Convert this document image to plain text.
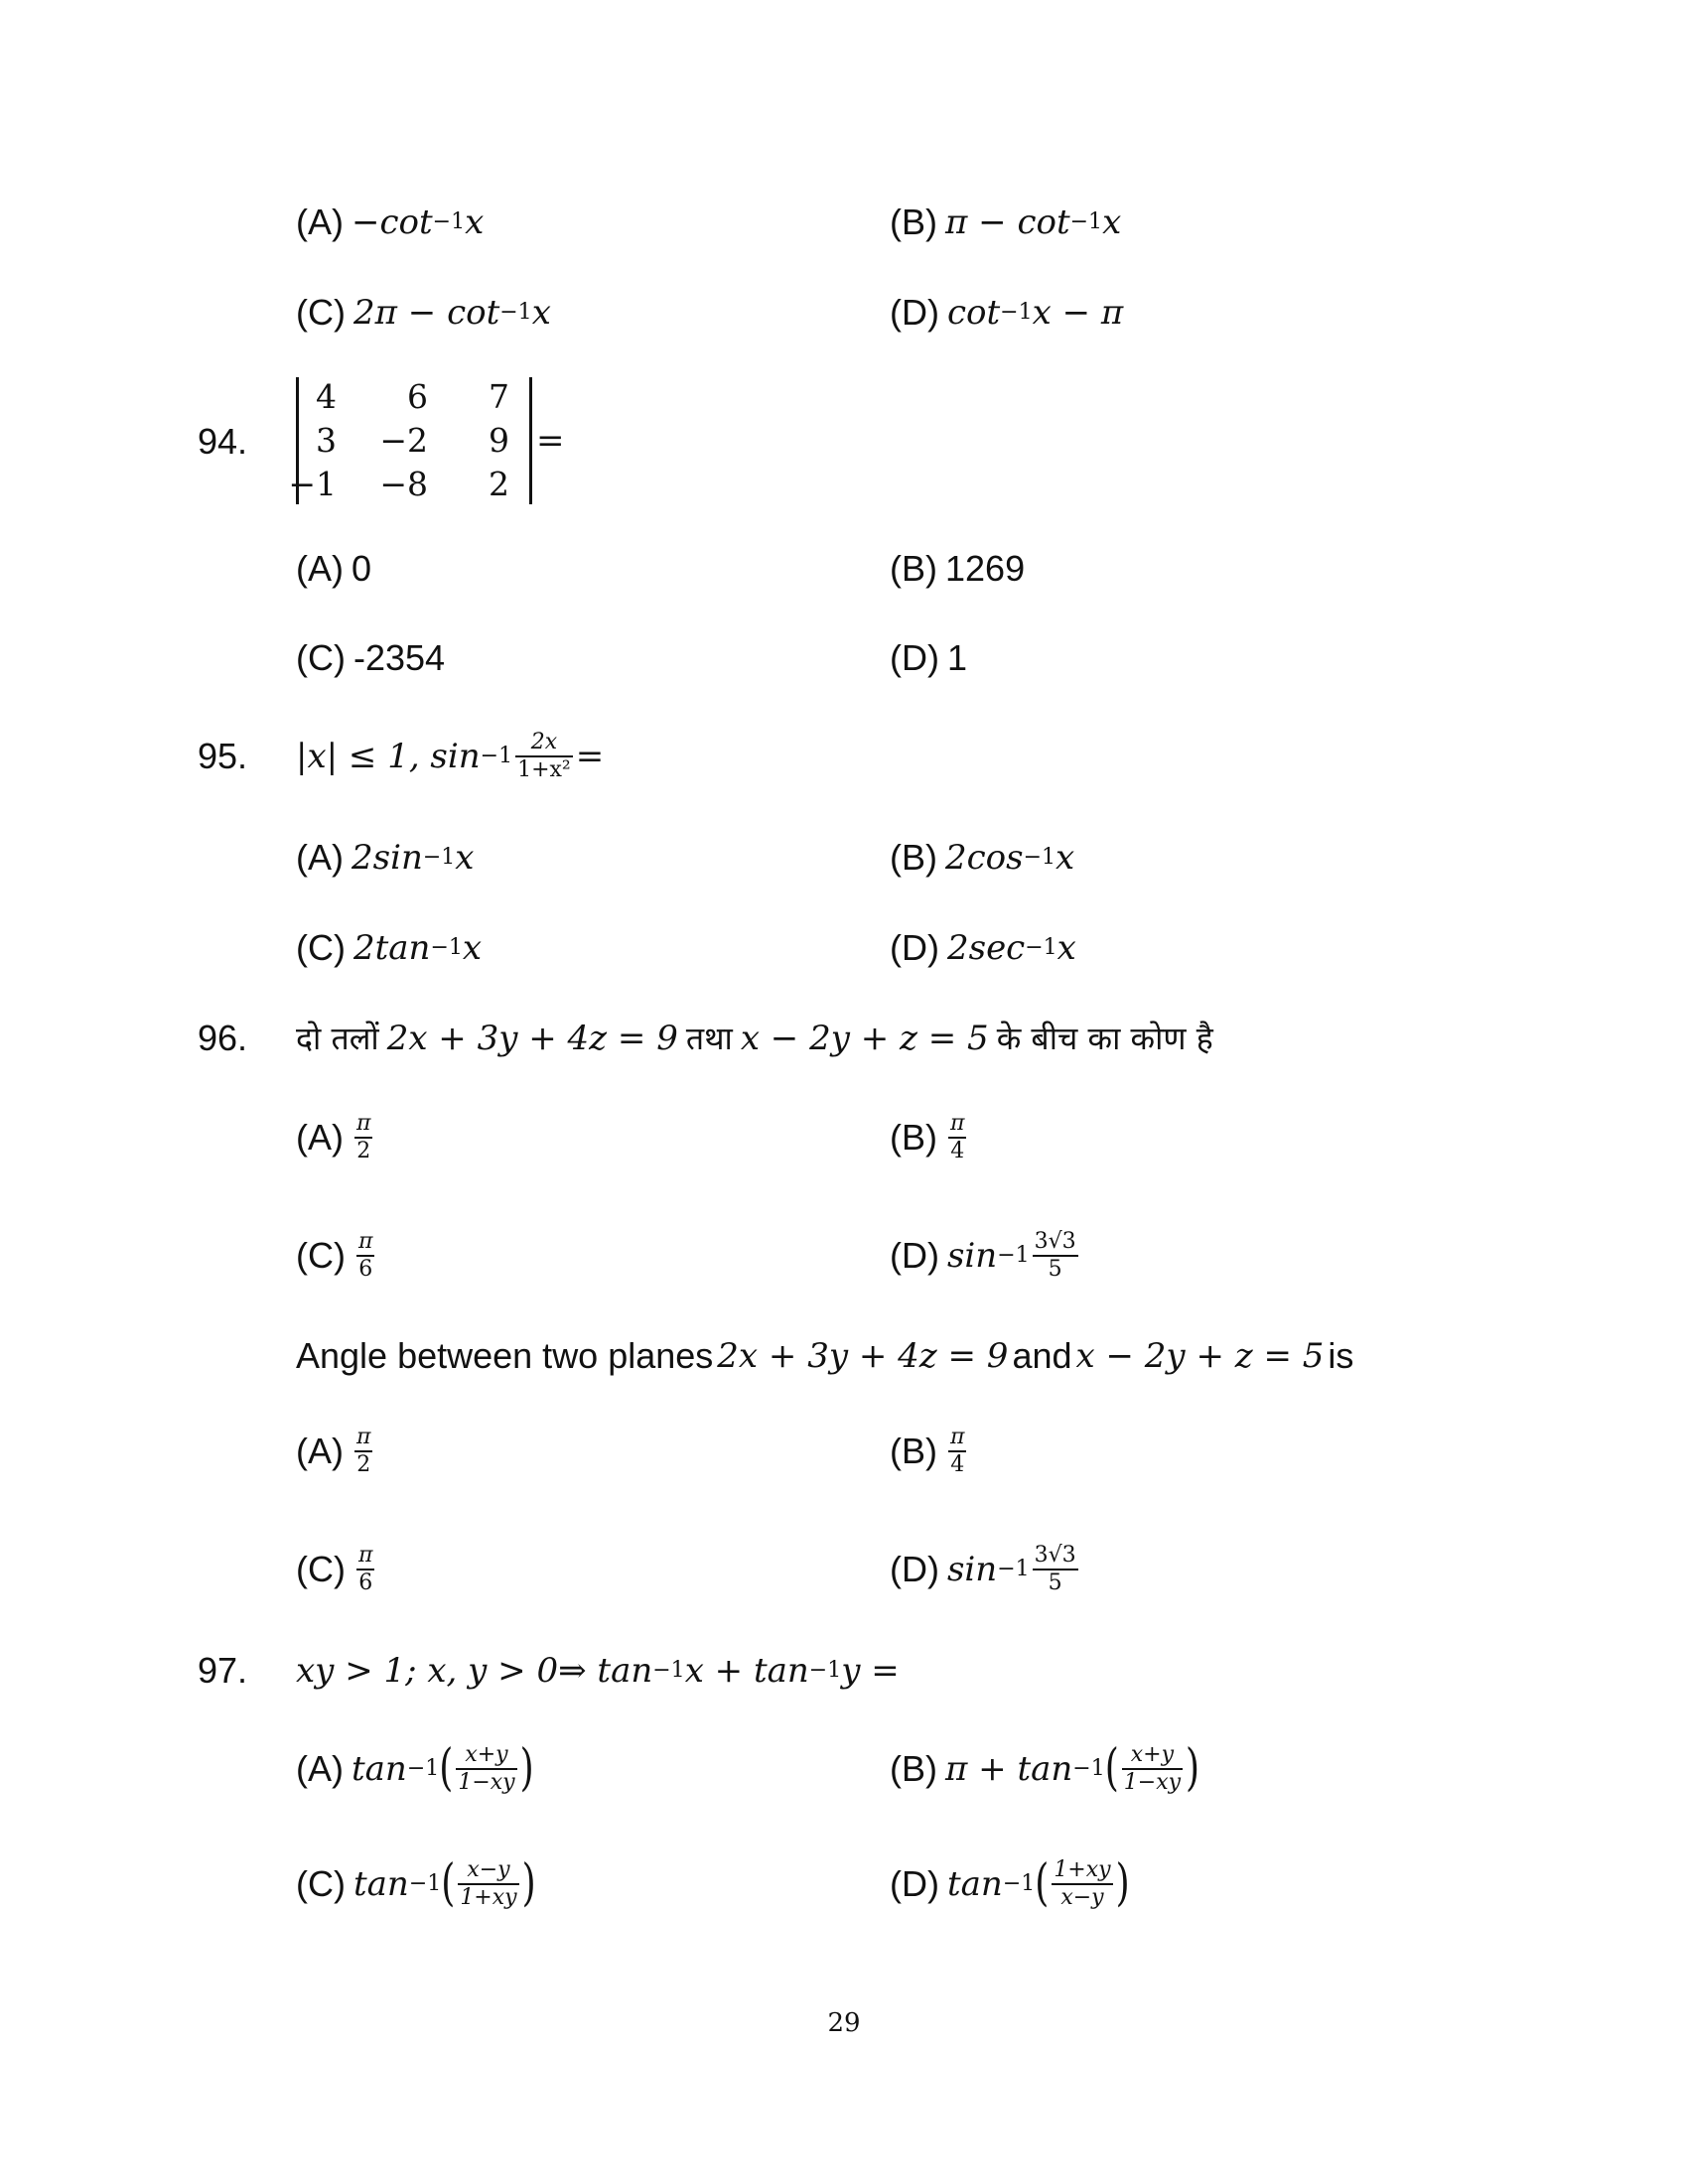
(A) −cot −1 x	(B) π − cot −1 x
(C) 2π − cot −1 x	(D) cot −1 x − π
94.
4	6	7
3	−2	9
−1	−8	2
=
(A) 0	(B) 1269
(C) -2354	(D) 1
95. |x| ≤ 1, $\sin -1 \frac{2x}{\text{1+x²}}$ =
(A) 2sin −1 x	(B) 2cos −1 x
(C) 2tan −1 x	(D) 2sec −1 x
96. दो तलों 2x + 3y + 4z = 9 तथा x − 2y + z = 5 के बीच का कोण है
$(A) \frac{\pi}{2}$	$(B) \frac{\pi}{4}$
$(C) \frac{\pi}{6}$	(D) $\sin -1 \frac{3√3}{5}$
Angle between two planes 2x + 3y + 4z = 9 and x − 2y + z = 5 is
$(A) \frac{\pi}{2}$	$(B) \frac{\pi}{4}$
$(C) \frac{\pi}{6}$	(D) $\sin -1 \frac{3√3}{5}$
97. xy > 1; x, y > 0⇒ tan −1 x + tan −1 y =
(A) tan −1 ( $\frac{x+y}{1-xy}$ )	(B) π + tan −1 ( $\frac{x+y}{1-xy}$ )
(C) tan −1 ( $\frac{x-y}{1+xy}$ )	(D) tan −1 ( $\frac{1+xy}{x-y}$ )
29
